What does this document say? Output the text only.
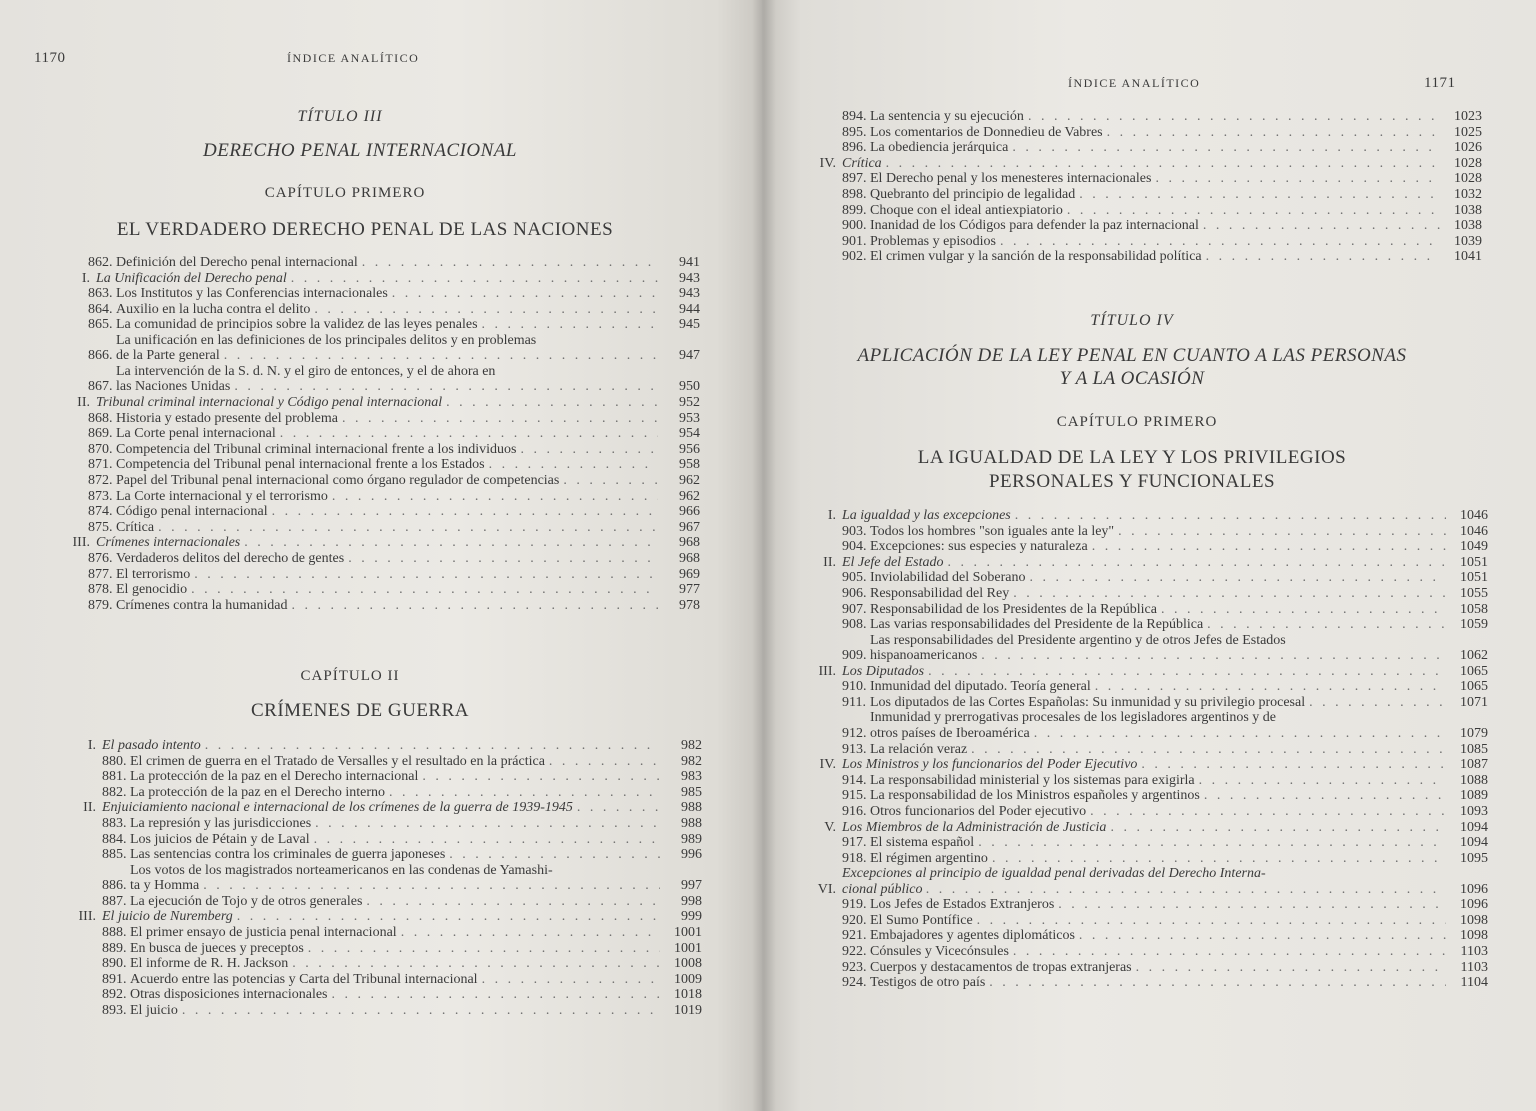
1170	ÍNDICE ANALÍTICO
TÍTULO III
DERECHO PENAL INTERNACIONAL
CAPÍTULO PRIMERO
EL VERDADERO DERECHO PENAL DE LAS NACIONES
862. Definición del Derecho penal internacional . . .	941
I. La Unificación del Derecho penal . . .	943
863. Los Institutos y las Conferencias internacionales . . .	943
864. Auxilio en la lucha contra el delito . . .	944
865. La comunidad de principios sobre la validez de las leyes penales . . .	945
866.
La unificación en las definiciones de los principales delitos y en problemas
de la Parte general . . .	947
867.
La intervención de la S. d. N. y el giro de entonces, y el de ahora en
las Naciones Unidas . . .	950
II. Tribunal criminal internacional y Código penal internacional . . .	952
868. Historia y estado presente del problema . . .	953
869. La Corte penal internacional . . .	954
870. Competencia del Tribunal criminal internacional frente a los individuos . . .	956
871. Competencia del Tribunal penal internacional frente a los Estados . . .	958
872. Papel del Tribunal penal internacional como órgano regulador de competencias . . .	962
873. La Corte internacional y el terrorismo . . .	962
874. Código penal internacional . . .	966
875. Crítica . . .	967
III. Crímenes internacionales . . .	968
876. Verdaderos delitos del derecho de gentes . . .	968
877. El terrorismo . . .	969
878. El genocidio . . .	977
879. Crímenes contra la humanidad . . .	978
CAPÍTULO II
CRÍMENES DE GUERRA
I. El pasado intento . . .	982
880. El crimen de guerra en el Tratado de Versalles y el resultado en la práctica . . .	982
881. La protección de la paz en el Derecho internacional . . .	983
882. La protección de la paz en el Derecho interno . . .	985
II. Enjuiciamiento nacional e internacional de los crímenes de la guerra de 1939-1945 . . .	988
883. La represión y las jurisdicciones . . .	988
884. Los juicios de Pétain y de Laval . . .	989
885. Las sentencias contra los criminales de guerra japoneses . . .	996
886.
Los votos de los magistrados norteamericanos en las condenas de Yamashi-
ta y Homma . . .	997
887. La ejecución de Tojo y de otros generales . . .	998
III. El juicio de Nuremberg . . .	999
888. El primer ensayo de justicia penal internacional . . .	1001
889. En busca de jueces y preceptos . . .	1001
890. El informe de R. H. Jackson . . .	1008
891. Acuerdo entre las potencias y Carta del Tribunal internacional . . .	1009
892. Otras disposiciones internacionales . . .	1018
893. El juicio . . .	1019
ÍNDICE ANALÍTICO	1171
894. La sentencia y su ejecución . . .	1023
895. Los comentarios de Donnedieu de Vabres . . .	1025
896. La obediencia jerárquica . . .	1026
IV. Crítica . . .	1028
897. El Derecho penal y los menesteres internacionales . . .	1028
898. Quebranto del principio de legalidad . . .	1032
899. Choque con el ideal antiexpiatorio . . .	1038
900. Inanidad de los Códigos para defender la paz internacional . . .	1038
901. Problemas y episodios . . .	1039
902. El crimen vulgar y la sanción de la responsabilidad política . . .	1041
TÍTULO IV
APLICACIÓN DE LA LEY PENAL EN CUANTO A LAS PERSONAS
Y A LA OCASIÓN
CAPÍTULO PRIMERO
LA IGUALDAD DE LA LEY Y LOS PRIVILEGIOS
PERSONALES Y FUNCIONALES
I. La igualdad y las excepciones . . .	1046
903. Todos los hombres "son iguales ante la ley" . . .	1046
904. Excepciones: sus especies y naturaleza . . .	1049
II. El Jefe del Estado . . .	1051
905. Inviolabilidad del Soberano . . .	1051
906. Responsabilidad del Rey . . .	1055
907. Responsabilidad de los Presidentes de la República . . .	1058
908. Las varias responsabilidades del Presidente de la República . . .	1059
909.
Las responsabilidades del Presidente argentino y de otros Jefes de Estados
hispanoamericanos . . .	1062
III. Los Diputados . . .	1065
910. Inmunidad del diputado. Teoría general . . .	1065
911. Los diputados de las Cortes Españolas: Su inmunidad y su privilegio procesal . . .	1071
912.
Inmunidad y prerrogativas procesales de los legisladores argentinos y de
otros países de Iberoamérica . . .	1079
913. La relación veraz . . .	1085
IV. Los Ministros y los funcionarios del Poder Ejecutivo . . .	1087
914. La responsabilidad ministerial y los sistemas para exigirla . . .	1088
915. La responsabilidad de los Ministros españoles y argentinos . . .	1089
916. Otros funcionarios del Poder ejecutivo . . .	1093
V. Los Miembros de la Administración de Justicia . . .	1094
917. El sistema español . . .	1094
918. El régimen argentino . . .	1095
VI.
Excepciones al principio de igualdad penal derivadas del Derecho Interna-
cional público . . .	1096
919. Los Jefes de Estados Extranjeros . . .	1096
920. El Sumo Pontífice . . .	1098
921. Embajadores y agentes diplomáticos . . .	1098
922. Cónsules y Vicecónsules . . .	1103
923. Cuerpos y destacamentos de tropas extranjeras . . .	1103
924. Testigos de otro país . . .	1104
